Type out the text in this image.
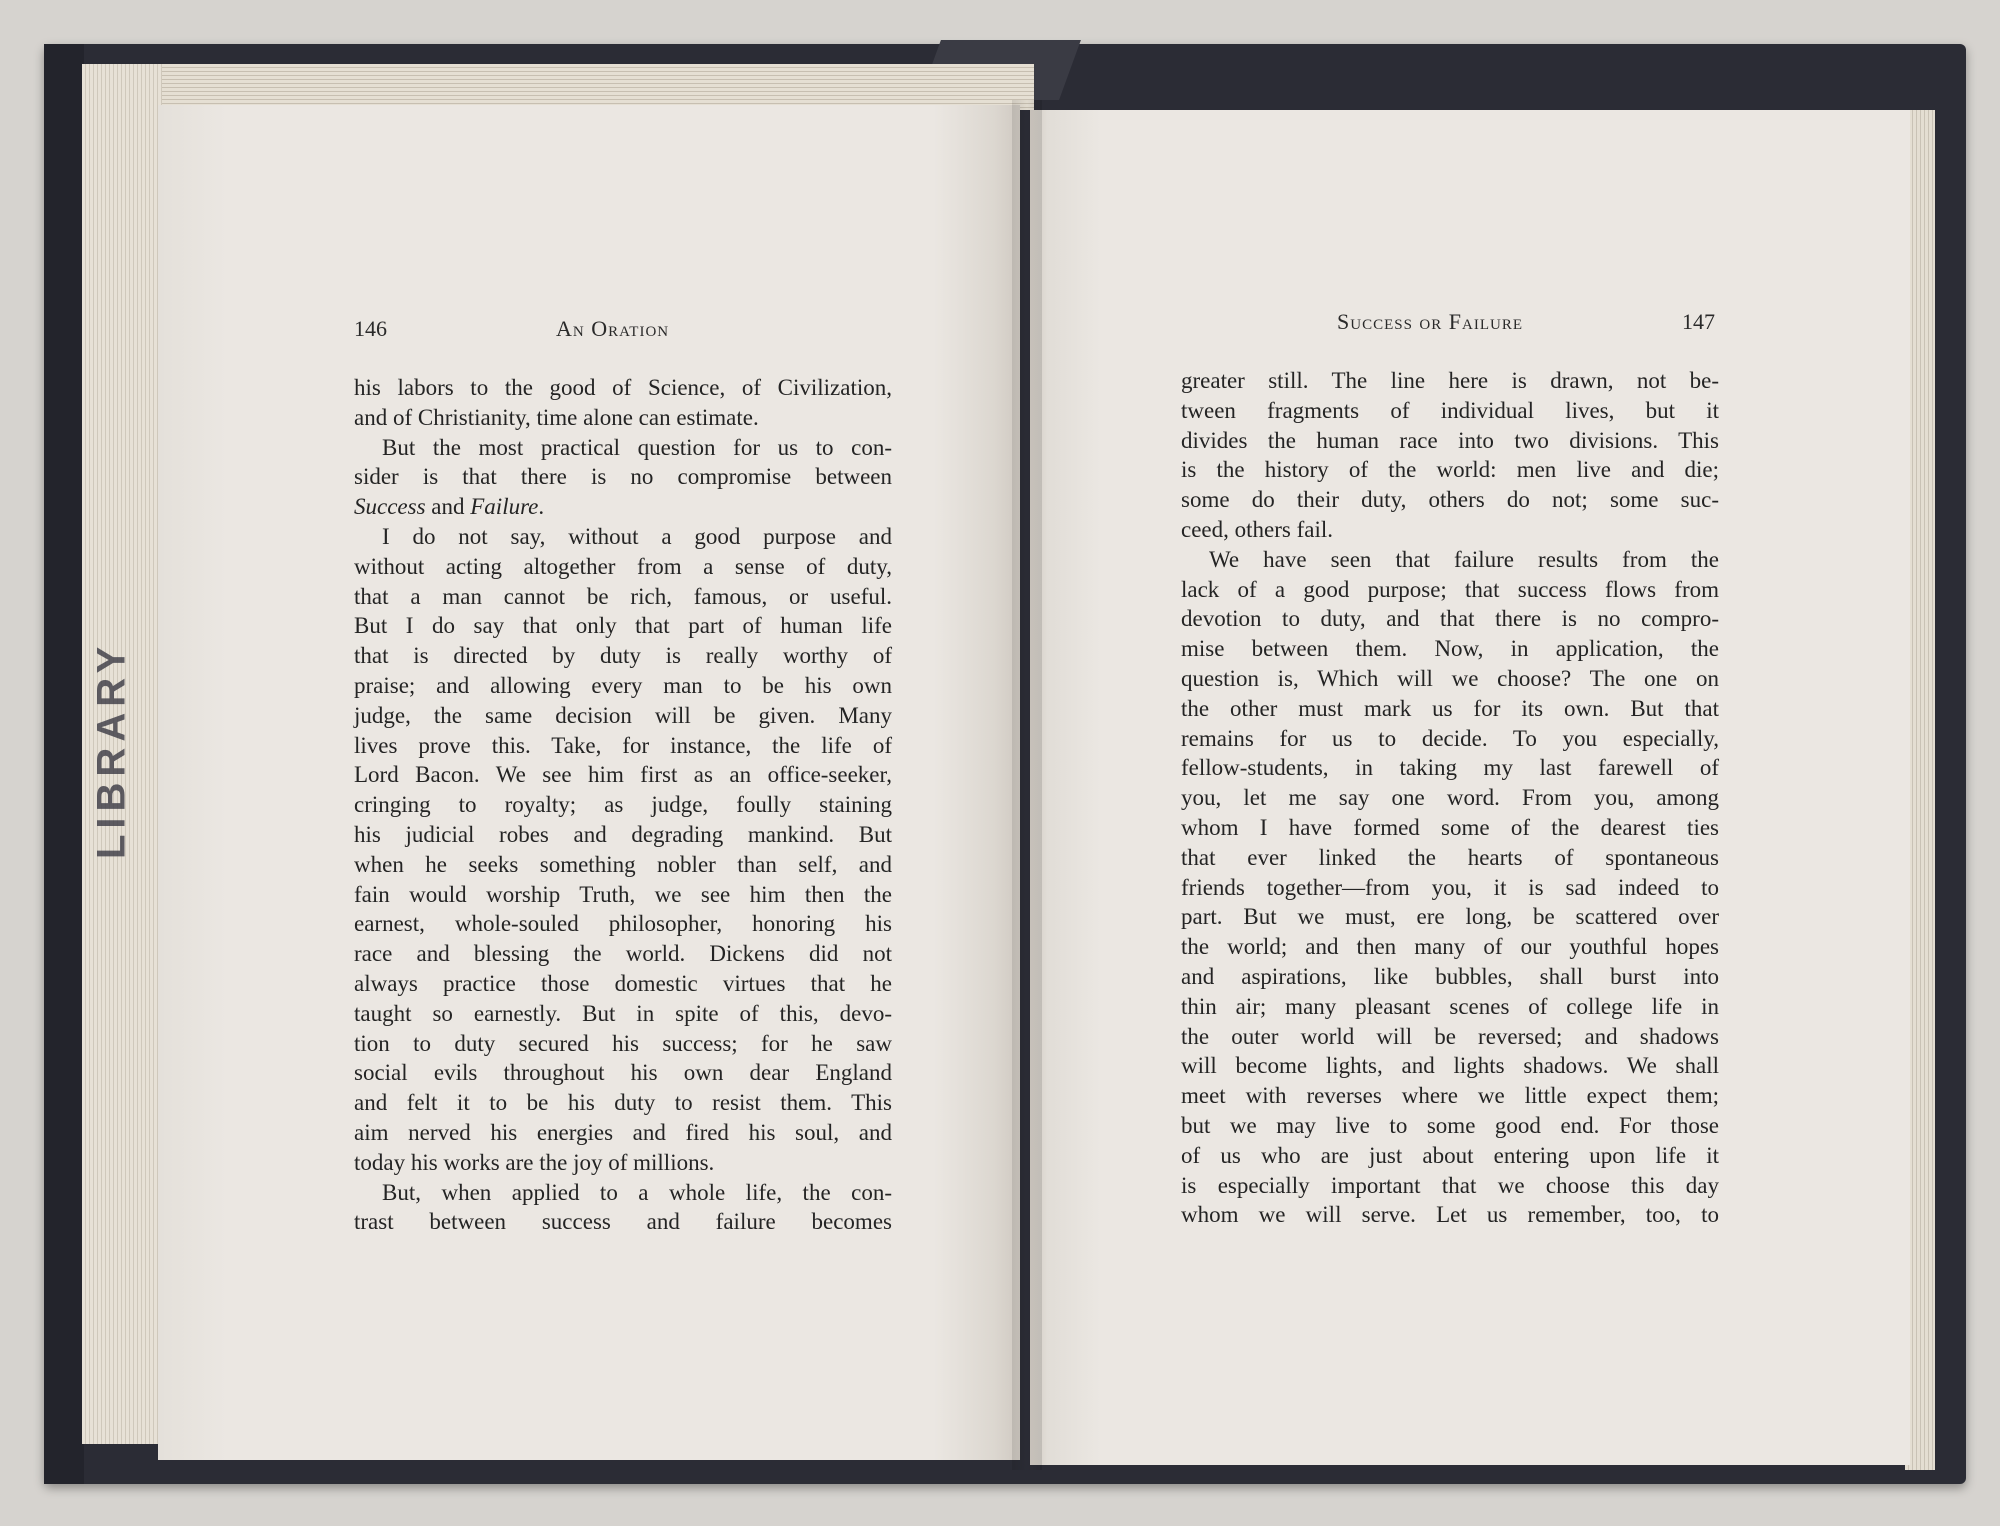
LIBRARY
146	An Oration	Success or Failure	147
his labors to the good of Science, of Civilization,
and of Christianity, time alone can estimate.
But the most practical question for us to con-
sider is that there is no compromise between
Success and Failure.
I do not say, without a good purpose and
without acting altogether from a sense of duty,
that a man cannot be rich, famous, or useful.
But I do say that only that part of human life
that is directed by duty is really worthy of
praise; and allowing every man to be his own
judge, the same decision will be given. Many
lives prove this. Take, for instance, the life of
Lord Bacon. We see him first as an office-seeker,
cringing to royalty; as judge, foully staining
his judicial robes and degrading mankind. But
when he seeks something nobler than self, and
fain would worship Truth, we see him then the
earnest, whole-souled philosopher, honoring his
race and blessing the world. Dickens did not
always practice those domestic virtues that he
taught so earnestly. But in spite of this, devo-
tion to duty secured his success; for he saw
social evils throughout his own dear England
and felt it to be his duty to resist them. This
aim nerved his energies and fired his soul, and
today his works are the joy of millions.
But, when applied to a whole life, the con-
trast between success and failure becomes
greater still. The line here is drawn, not be-
tween fragments of individual lives, but it
divides the human race into two divisions. This
is the history of the world: men live and die;
some do their duty, others do not; some suc-
ceed, others fail.
We have seen that failure results from the
lack of a good purpose; that success flows from
devotion to duty, and that there is no compro-
mise between them. Now, in application, the
question is, Which will we choose? The one on
the other must mark us for its own. But that
remains for us to decide. To you especially,
fellow-students, in taking my last farewell of
you, let me say one word. From you, among
whom I have formed some of the dearest ties
that ever linked the hearts of spontaneous
friends together—from you, it is sad indeed to
part. But we must, ere long, be scattered over
the world; and then many of our youthful hopes
and aspirations, like bubbles, shall burst into
thin air; many pleasant scenes of college life in
the outer world will be reversed; and shadows
will become lights, and lights shadows. We shall
meet with reverses where we little expect them;
but we may live to some good end. For those
of us who are just about entering upon life it
is especially important that we choose this day
whom we will serve. Let us remember, too, to
